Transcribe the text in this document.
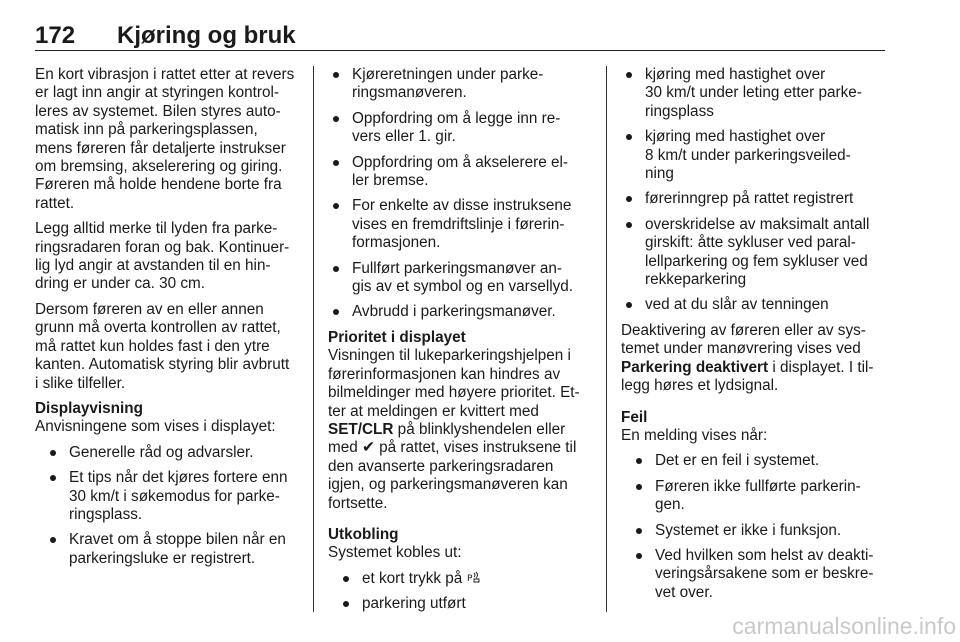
172 Kjøring og bruk
En kort vibrasjon i rattet etter at revers
er lagt inn angir at styringen kontrol-
leres av systemet. Bilen styres auto-
matisk inn på parkeringsplassen,
mens føreren får detaljerte instrukser
om bremsing, akselerering og giring.
Føreren må holde hendene borte fra
rattet.
Legg alltid merke til lyden fra parke-
ringsradaren foran og bak. Kontinuer-
lig lyd angir at avstanden til en hin-
dring er under ca. 30 cm.
Dersom føreren av en eller annen
grunn må overta kontrollen av rattet,
må rattet kun holdes fast i den ytre
kanten. Automatisk styring blir avbrutt
i slike tilfeller.
Displayvisning
Anvisningene som vises i displayet:
Generelle råd og advarsler.
Et tips når det kjøres fortere enn
30 km/t i søkemodus for parke-
ringsplass.
Kravet om å stoppe bilen når en
parkeringsluke er registrert.
Kjøreretningen under parke-
ringsmanøveren.
Oppfordring om å legge inn re-
vers eller 1. gir.
Oppfordring om å akselerere el-
ler bremse.
For enkelte av disse instruksene
vises en fremdriftslinje i førerin-
formasjonen.
Fullført parkeringsmanøver an-
gis av et symbol og en varsellyd.
Avbrudd i parkeringsmanøver.
Prioritet i displayet
Visningen til lukeparkeringshjelpen i
førerinformasjonen kan hindres av
bilmeldinger med høyere prioritet. Et-
ter at meldingen er kvittert med
SET/CLR på blinklyshendelen eller
med ✔ på rattet, vises instruksene til
den avanserte parkeringsradaren
igjen, og parkeringsmanøveren kan
fortsette.
Utkobling
Systemet kobles ut:
et kort trykk på P
parkering utført
kjøring med hastighet over
30 km/t under leting etter parke-
ringsplass
kjøring med hastighet over
8 km/t under parkeringsveiled-
ning
førerinngrep på rattet registrert
overskridelse av maksimalt antall
girskift: åtte sykluser ved paral-
lellparkering og fem sykluser ved
rekkeparkering
ved at du slår av tenningen
Deaktivering av føreren eller av sys-
temet under manøvrering vises ved
Parkering deaktivert i displayet. I til-
legg høres et lydsignal.
Feil
En melding vises når:
Det er en feil i systemet.
Føreren ikke fullførte parkerin-
gen.
Systemet er ikke i funksjon.
Ved hvilken som helst av deakti-
veringsårsakene som er beskre-
vet over.
carmanualsonline.info
